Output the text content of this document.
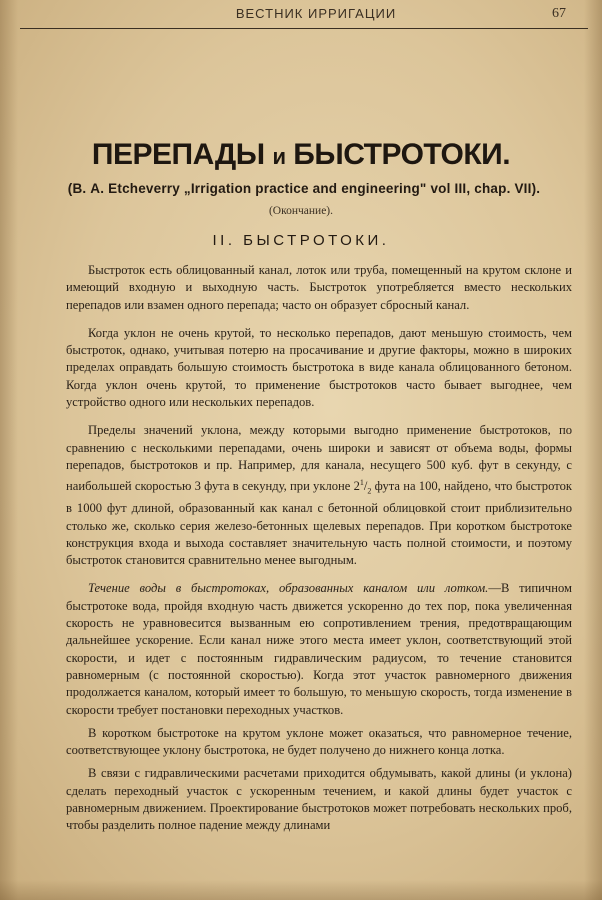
ВЕСТНИК ИРРИГАЦИИ	67
ПЕРЕПАДЫ и БЫСТРОТОКИ.
(В. А. Etcheverry „Irrigation practice and engineering" vol III, chap. VII).
(Окончание).
II. БЫСТРОТОКИ.

Быстроток есть облицованный канал, лоток или труба, помещенный на крутом склоне и имеющий входную и выходную часть. Быстроток употребляется вместо нескольких перепадов или взамен одного перепада; часто он образует сбросный канал.

Когда уклон не очень крутой, то несколько перепадов, дают меньшую стоимость, чем быстроток, однако, учитывая потерю на просачивание и другие факторы, можно в широких пределах оправдать большую стоимость быстротока в виде канала облицованного бетоном. Когда уклон очень крутой, то применение быстротоков часто бывает выгоднее, чем устройство одного или нескольких перепадов.

Пределы значений уклона, между которыми выгодно применение быстротоков, по сравнению с несколькими перепадами, очень широки и зависят от объема воды, формы перепадов, быстротоков и пр. Например, для канала, несущего 500 куб. фут в секунду, с наибольшей скоростью 3 фута в секунду, при уклоне $2^1/_2$ фута на 100, найдено, что быстроток в 1000 фут длиной, образованный как канал с бетонной облицовкой стоит приблизительно столько же, сколько серия железо-бетонных щелевых перепадов. При коротком быстротоке конструкция входа и выхода составляет значительную часть полной стоимости, и поэтому быстроток становится сравнительно менее выгодным.

Течение воды в быстротоках, образованных каналом или лотком.—В типичном быстротоке вода, пройдя входную часть движется ускоренно до тех пор, пока увеличенная скорость не уравновесится вызванным ею сопротивлением трения, предотвращающим дальнейшее ускорение. Если канал ниже этого места имеет уклон, соответствующий этой скорости, и идет с постоянным гидравлическим радиусом, то течение становится равномерным (с постоянной скоростью). Когда этот участок равномерного движения продолжается каналом, который имеет то большую, то меньшую скорость, тогда изменение в скорости требует постановки переходных участков.

В коротком быстротоке на крутом уклоне может оказаться, что равномерное течение, соответствующее уклону быстротока, не будет получено до нижнего конца лотка.

В связи с гидравлическими расчетами приходится обдумывать, какой длины (и уклона) сделать переходный участок с ускоренным течением, и какой длины будет участок с равномерным движением. Проектирование быстротоков может потребовать нескольких проб, чтобы разделить полное падение между длинами
